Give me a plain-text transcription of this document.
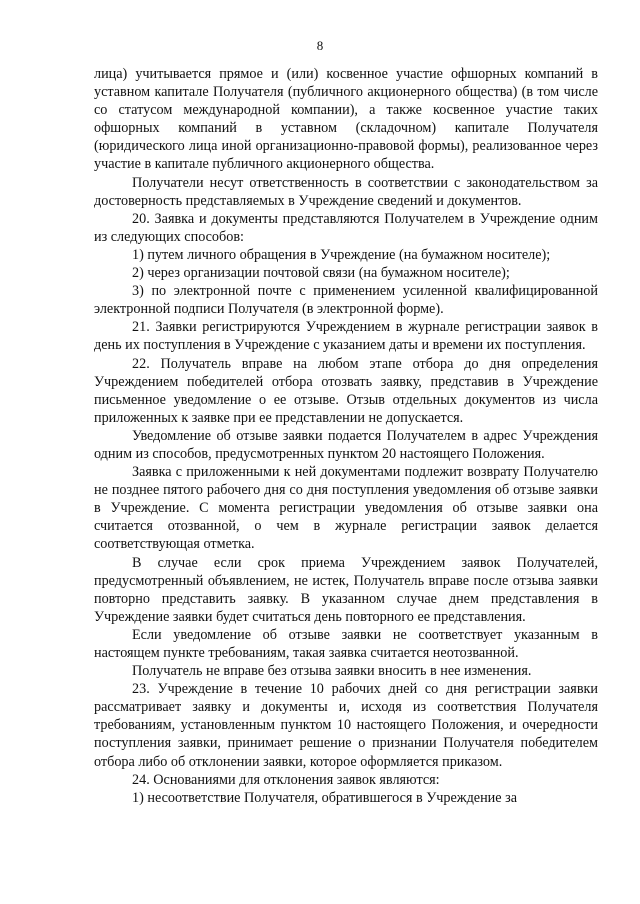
8

лица) учитывается прямое и (или) косвенное участие офшорных компаний в уставном капитале Получателя (публичного акционерного общества) (в том числе со статусом международной компании), а также косвенное участие таких офшорных компаний в уставном (складочном) капитале Получателя (юридического лица иной организационно-правовой формы), реализованное через участие в капитале публичного акционерного общества.

Получатели несут ответственность в соответствии с законодательством за достоверность представляемых в Учреждение сведений и документов.

20. Заявка и документы представляются Получателем в Учреждение одним из следующих способов:

1) путем личного обращения в Учреждение (на бумажном носителе);

2) через организации почтовой связи (на бумажном носителе);

3) по электронной почте с применением усиленной квалифицированной электронной подписи Получателя (в электронной форме).

21. Заявки регистрируются Учреждением в журнале регистрации заявок в день их поступления в Учреждение с указанием даты и времени их поступления.

22. Получатель вправе на любом этапе отбора до дня определения Учреждением победителей отбора отозвать заявку, представив в Учреждение письменное уведомление о ее отзыве. Отзыв отдельных документов из числа приложенных к заявке при ее представлении не допускается.

Уведомление об отзыве заявки подается Получателем в адрес Учреждения одним из способов, предусмотренных пунктом 20 настоящего Положения.

Заявка с приложенными к ней документами подлежит возврату Получателю не позднее пятого рабочего дня со дня поступления уведомления об отзыве заявки в Учреждение. С момента регистрации уведомления об отзыве заявки она считается отозванной, о чем в журнале регистрации заявок делается соответствующая отметка.

В случае если срок приема Учреждением заявок Получателей, предусмотренный объявлением, не истек, Получатель вправе после отзыва заявки повторно представить заявку. В указанном случае днем представления в Учреждение заявки будет считаться день повторного ее представления.

Если уведомление об отзыве заявки не соответствует указанным в настоящем пункте требованиям, такая заявка считается неотозванной.

Получатель не вправе без отзыва заявки вносить в нее изменения.

23. Учреждение в течение 10 рабочих дней со дня регистрации заявки рассматривает заявку и документы и, исходя из соответствия Получателя требованиям, установленным пунктом 10 настоящего Положения, и очередности поступления заявки, принимает решение о признании Получателя победителем отбора либо об отклонении заявки, которое оформляется приказом.

24. Основаниями для отклонения заявок являются:

1) несоответствие Получателя, обратившегося в Учреждение за
